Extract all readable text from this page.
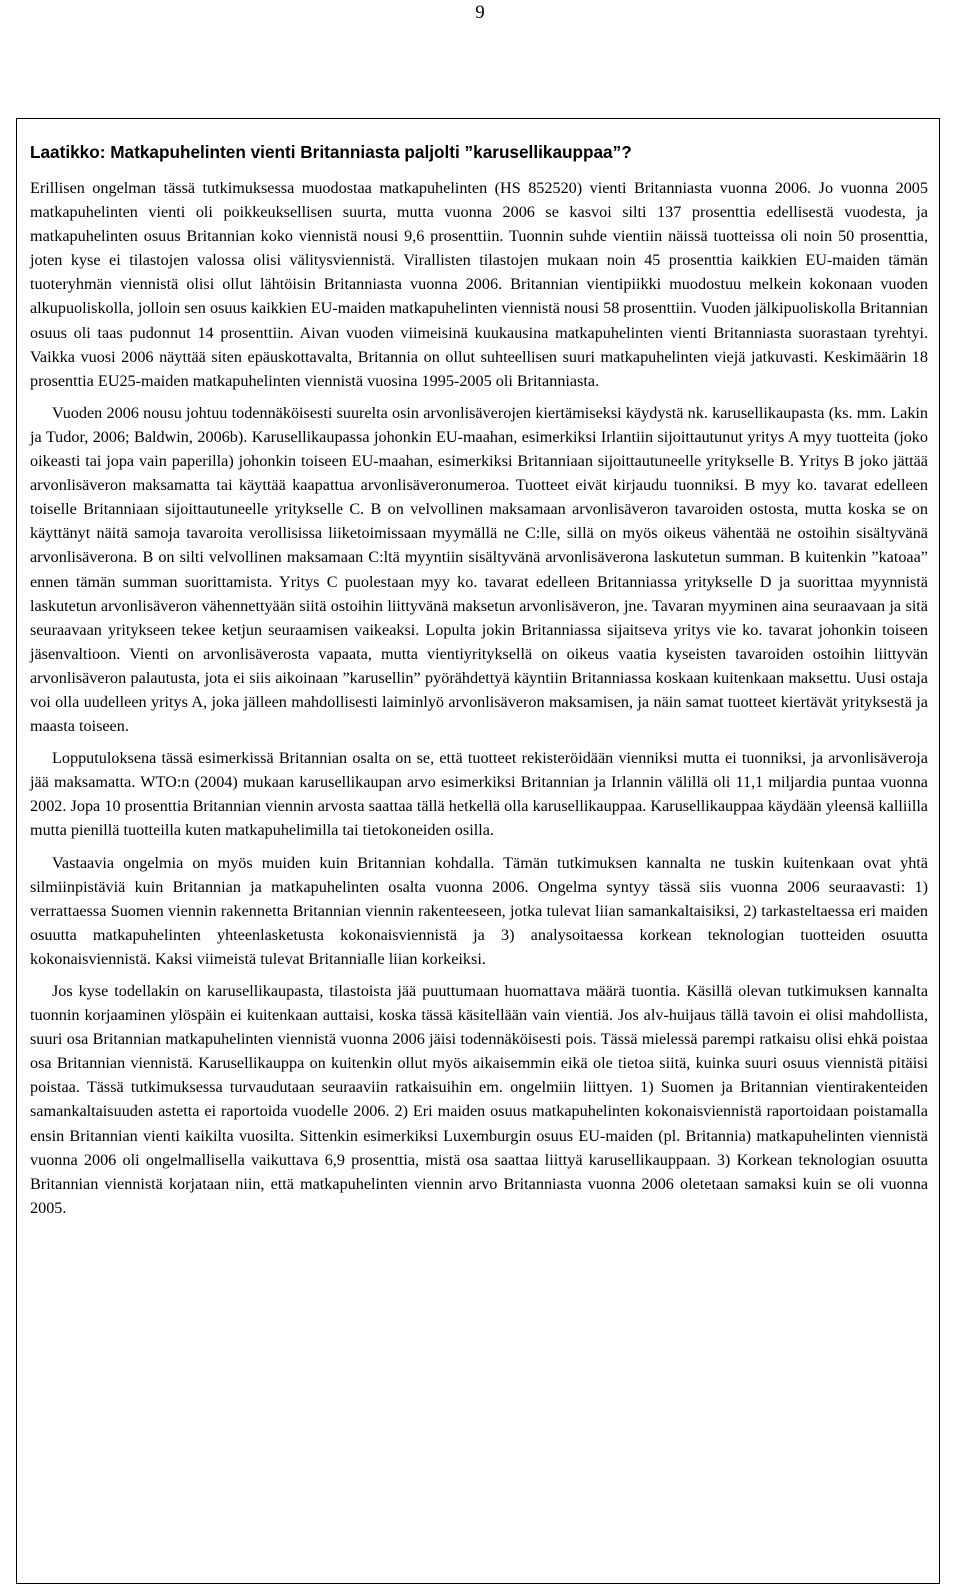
9
Laatikko: Matkapuhelinten vienti Britanniasta paljolti ”karusellikauppaa”?

Erillisen ongelman tässä tutkimuksessa muodostaa matkapuhelinten (HS 852520) vienti Britanniasta vuonna 2006. Jo vuonna 2005 matkapuhelinten vienti oli poikkeuksellisen suurta, mutta vuonna 2006 se kasvoi silti 137 prosenttia edellisestä vuodesta, ja matkapuhelinten osuus Britannian koko viennistä nousi 9,6 prosenttiin. Tuonnin suhde vientiin näissä tuotteissa oli noin 50 prosenttia, joten kyse ei tilastojen valossa olisi välitysviennistä. Virallisten tilastojen mukaan noin 45 prosenttia kaikkien EU-maiden tämän tuoteryhmän viennistä olisi ollut lähtöisin Britanniasta vuonna 2006. Britannian vientipiikki muodostuu melkein kokonaan vuoden alkupuoliskolla, jolloin sen osuus kaikkien EU-maiden matkapuhelinten viennistä nousi 58 prosenttiin. Vuoden jälkipuoliskolla Britannian osuus oli taas pudonnut 14 prosenttiin. Aivan vuoden viimeisinä kuukausina matkapuhelinten vienti Britanniasta suorastaan tyrehtyi. Vaikka vuosi 2006 näyttää siten epäuskottavalta, Britannia on ollut suhteellisen suuri matkapuhelinten viejä jatkuvasti. Keskimäärin 18 prosenttia EU25-maiden matkapuhelinten viennistä vuosina 1995-2005 oli Britanniasta.

Vuoden 2006 nousu johtuu todennäköisesti suurelta osin arvonlisäverojen kiertämiseksi käydystä nk. karusellikaupasta (ks. mm. Lakin ja Tudor, 2006; Baldwin, 2006b). Karusellikaupassa johonkin EU-maahan, esimerkiksi Irlantiin sijoittautunut yritys A myy tuotteita (joko oikeasti tai jopa vain paperilla) johonkin toiseen EU-maahan, esimerkiksi Britanniaan sijoittautuneelle yritykselle B. Yritys B joko jättää arvonlisäveron maksamatta tai käyttää kaapattua arvonlisäveronumeroa. Tuotteet eivät kirjaudu tuonniksi. B myy ko. tavarat edelleen toiselle Britanniaan sijoittautuneelle yritykselle C. B on velvollinen maksamaan arvonlisäveron tavaroiden ostosta, mutta koska se on käyttänyt näitä samoja tavaroita verollisissa liiketoimissaan myymällä ne C:lle, sillä on myös oikeus vähentää ne ostoihin sisältyvänä arvonlisäverona. B on silti velvollinen maksamaan C:ltä myyntiin sisältyvänä arvonlisäverona laskutetun summan. B kuitenkin ”katoaa” ennen tämän summan suorittamista. Yritys C puolestaan myy ko. tavarat edelleen Britanniassa yritykselle D ja suorittaa myynnistä laskutetun arvonlisäveron vähennettyään siitä ostoihin liittyvänä maksetun arvonlisäveron, jne. Tavaran myyminen aina seuraavaan ja sitä seuraavaan yritykseen tekee ketjun seuraamisen vaikeaksi. Lopulta jokin Britanniassa sijaitseva yritys vie ko. tavarat johonkin toiseen jäsenvaltioon. Vienti on arvonlisäverosta vapaata, mutta vientiyrityksellä on oikeus vaatia kyseisten tavaroiden ostoihin liittyvän arvonlisäveron palautusta, jota ei siis aikoinaan ”karusellin” pyörähdettyä käyntiin Britanniassa koskaan kuitenkaan maksettu. Uusi ostaja voi olla uudelleen yritys A, joka jälleen mahdollisesti laiminlyö arvonlisäveron maksamisen, ja näin samat tuotteet kiertävät yrityksestä ja maasta toiseen.

Lopputuloksena tässä esimerkissä Britannian osalta on se, että tuotteet rekisteröidään vienniksi mutta ei tuonniksi, ja arvonlisäveroja jää maksamatta. WTO:n (2004) mukaan karusellikaupan arvo esimerkiksi Britannian ja Irlannin välillä oli 11,1 miljardia puntaa vuonna 2002. Jopa 10 prosenttia Britannian viennin arvosta saattaa tällä hetkellä olla karusellikauppaa. Karusellikauppaa käydään yleensä kalliilla mutta pienillä tuotteilla kuten matkapuhelimilla tai tietokoneiden osilla.

Vastaavia ongelmia on myös muiden kuin Britannian kohdalla. Tämän tutkimuksen kannalta ne tuskin kuitenkaan ovat yhtä silmiinpistäviä kuin Britannian ja matkapuhelinten osalta vuonna 2006. Ongelma syntyy tässä siis vuonna 2006 seuraavasti: 1) verrattaessa Suomen viennin rakennetta Britannian viennin rakenteeseen, jotka tulevat liian samankaltaisiksi, 2) tarkasteltaessa eri maiden osuutta matkapuhelinten yhteenlasketusta kokonaisviennistä ja 3) analysoitaessa korkean teknologian tuotteiden osuutta kokonaisviennistä. Kaksi viimeistä tulevat Britannialle liian korkeiksi.

Jos kyse todellakin on karusellikaupasta, tilastoista jää puuttumaan huomattava määrä tuontia. Käsillä olevan tutkimuksen kannalta tuonnin korjaaminen ylöspäin ei kuitenkaan auttaisi, koska tässä käsitellään vain vientiä. Jos alv-huijaus tällä tavoin ei olisi mahdollista, suuri osa Britannian matkapuhelinten viennistä vuonna 2006 jäisi todennäköisesti pois. Tässä mielessä parempi ratkaisu olisi ehkä poistaa osa Britannian viennistä. Karusellikauppa on kuitenkin ollut myös aikaisemmin eikä ole tietoa siitä, kuinka suuri osuus viennistä pitäisi poistaa. Tässä tutkimuksessa turvaudutaan seuraaviin ratkaisuihin em. ongelmiin liittyen. 1) Suomen ja Britannian vientirakenteiden samankaltaisuuden astetta ei raportoida vuodelle 2006. 2) Eri maiden osuus matkapuhelinten kokonaisviennistä raportoidaan poistamalla ensin Britannian vienti kaikilta vuosilta. Sittenkin esimerkiksi Luxemburgin osuus EU-maiden (pl. Britannia) matkapuhelinten viennistä vuonna 2006 oli ongelmallisella vaikuttava 6,9 prosenttia, mistä osa saattaa liittyä karusellikauppaan. 3) Korkean teknologian osuutta Britannian viennistä korjataan niin, että matkapuhelinten viennin arvo Britanniasta vuonna 2006 oletetaan samaksi kuin se oli vuonna 2005.
